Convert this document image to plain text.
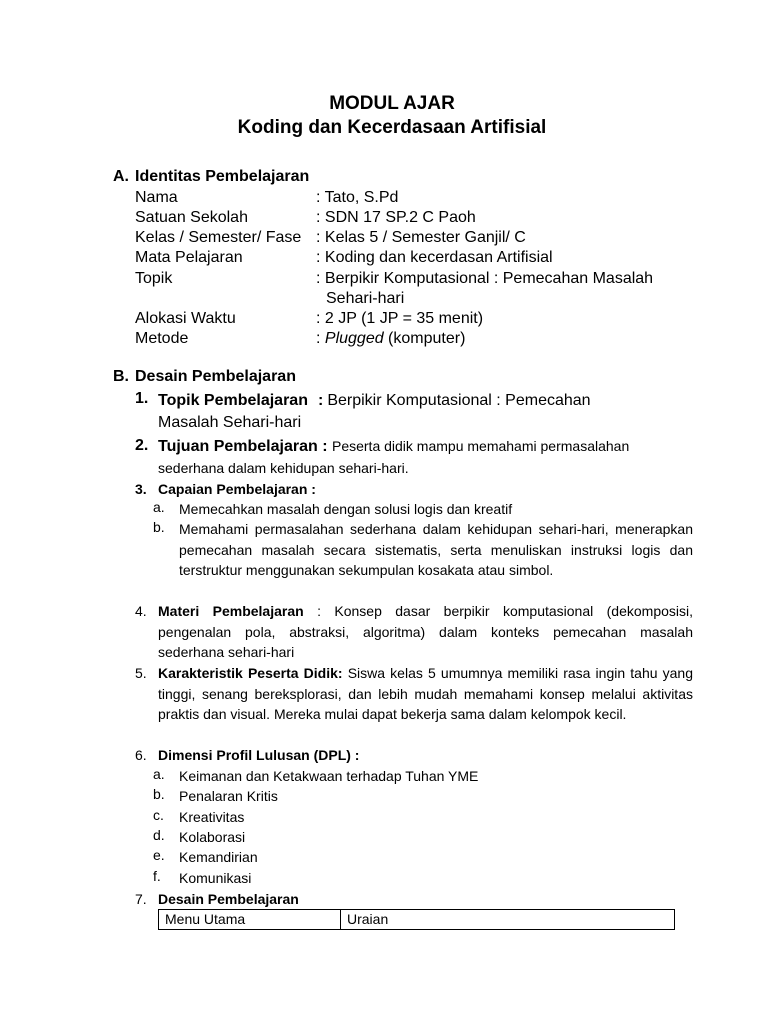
MODUL AJAR
Koding dan Kecerdasaan Artifisial
A. Identitas Pembelajaran
Nama	: Tato, S.Pd
Satuan Sekolah	: SDN 17 SP.2 C Paoh
Kelas / Semester/ Fase : Kelas 5 / Semester Ganjil/ C
Mata Pelajaran	: Koding dan kecerdasan Artifisial
Topik	: Berpikir Komputasional : Pemecahan Masalah
Sehari-hari
Alokasi Waktu	: 2 JP (1 JP = 35 menit)
Metode	: Plugged (komputer)
B. Desain Pembelajaran
1. Topik Pembelajaran : Berpikir Komputasional : Pemecahan
Masalah Sehari-hari
2. Tujuan Pembelajaran : Peserta didik mampu memahami permasalahan
sederhana dalam kehidupan sehari-hari.
3. Capaian Pembelajaran :
a. Memecahkan masalah dengan solusi logis dan kreatif
b. Memahami permasalahan sederhana dalam kehidupan sehari-hari, menerapkan pemecahan masalah secara sistematis, serta menuliskan instruksi logis dan terstruktur menggunakan sekumpulan kosakata atau simbol.
4. Materi Pembelajaran : Konsep dasar berpikir komputasional (dekomposisi, pengenalan pola, abstraksi, algoritma) dalam konteks pemecahan masalah sederhana sehari-hari
5. Karakteristik Peserta Didik: Siswa kelas 5 umumnya memiliki rasa ingin tahu yang tinggi, senang bereksplorasi, dan lebih mudah memahami konsep melalui aktivitas praktis dan visual. Mereka mulai dapat bekerja sama dalam kelompok kecil.
6. Dimensi Profil Lulusan (DPL) :
a. Keimanan dan Ketakwaan terhadap Tuhan YME
b. Penalaran Kritis
c. Kreativitas
d. Kolaborasi
e. Kemandirian
f. Komunikasi
7. Desain Pembelajaran
Menu Utama	Uraian
